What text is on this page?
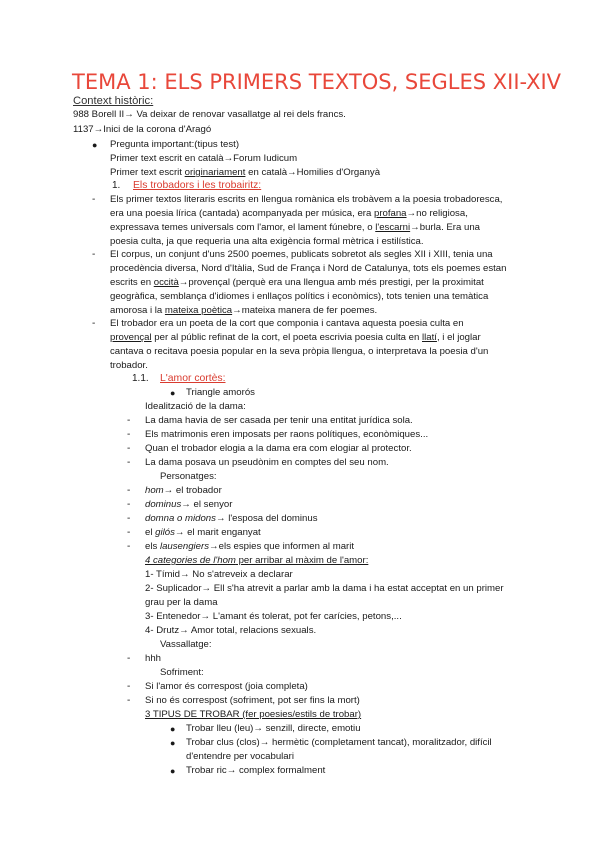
TEMA 1: ELS PRIMERS TEXTOS, SEGLES XII-XIV
Context històric:
988 Borell II→ Va deixar de renovar vasallatge al rei dels francs.
1137→Inici de la corona d'Aragó
● Pregunta important:(tipus test)
Primer text escrit en català→Forum Iudicum
Primer text escrit originariament en català→Homilies d'Organyà
1. Els trobadors i les trobairitz:
- Els primer textos literaris escrits en llengua romànica els trobàvem a la poesia trobadoresca,
era una poesia lírica (cantada) acompanyada per música, era profana→no religiosa,
expressava temes universals com l'amor, el lament fúnebre, o l'escarni→burla. Era una
poesia culta, ja que requeria una alta exigència formal mètrica i estilística.
- El corpus, un conjunt d'uns 2500 poemes, publicats sobretot als segles XII i XIII, tenia una
procedència diversa, Nord d'Itàlia, Sud de França i Nord de Catalunya, tots els poemes estan
escrits en occità→provençal (perquè era una llengua amb més prestigi, per la proximitat
geogràfica, semblança d'idiomes i enllaços polítics i econòmics), tots tenien una temàtica
amorosa i la mateixa poètica→mateixa manera de fer poemes.
- El trobador era un poeta de la cort que componia i cantava aquesta poesia culta en
provençal per al públic refinat de la cort, el poeta escrivia poesia culta en llatí, i el joglar
cantava o recitava poesia popular en la seva pròpia llengua, o interpretava la poesia d'un
trobador.
1.1. L'amor cortès:
● Triangle amorós
Idealització de la dama:
- La dama havia de ser casada per tenir una entitat jurídica sola.
- Els matrimonis eren imposats per raons polítiques, econòmiques...
- Quan el trobador elogia a la dama era com elogiar al protector.
- La dama posava un pseudònim en comptes del seu nom.
Personatges:
- hom→ el trobador
- dominus→ el senyor
- domna o midons→ l'esposa del dominus
- el gilós→ el marit enganyat
- els lausengiers→els espies que informen al marit
4 categories de l'hom per arribar al màxim de l'amor:
1- Tímid→ No s'atreveix a declarar
2- Suplicador→ Ell s'ha atrevit a parlar amb la dama i ha estat acceptat en un primer
grau per la dama
3- Entenedor→ L'amant és tolerat, pot fer carícies, petons,...
4- Drutz→ Amor total, relacions sexuals.
Vassallatge:
- hhh
Sofriment:
- Si l'amor és correspost (joia completa)
- Si no és correspost (sofriment, pot ser fins la mort)
3 TIPUS DE TROBAR (fer poesies/estils de trobar)
● Trobar lleu (leu)→ senzill, directe, emotiu
● Trobar clus (clos)→ hermètic (completament tancat), moralitzador, difícil
d'entendre per vocabulari
● Trobar ric→ complex formalment
